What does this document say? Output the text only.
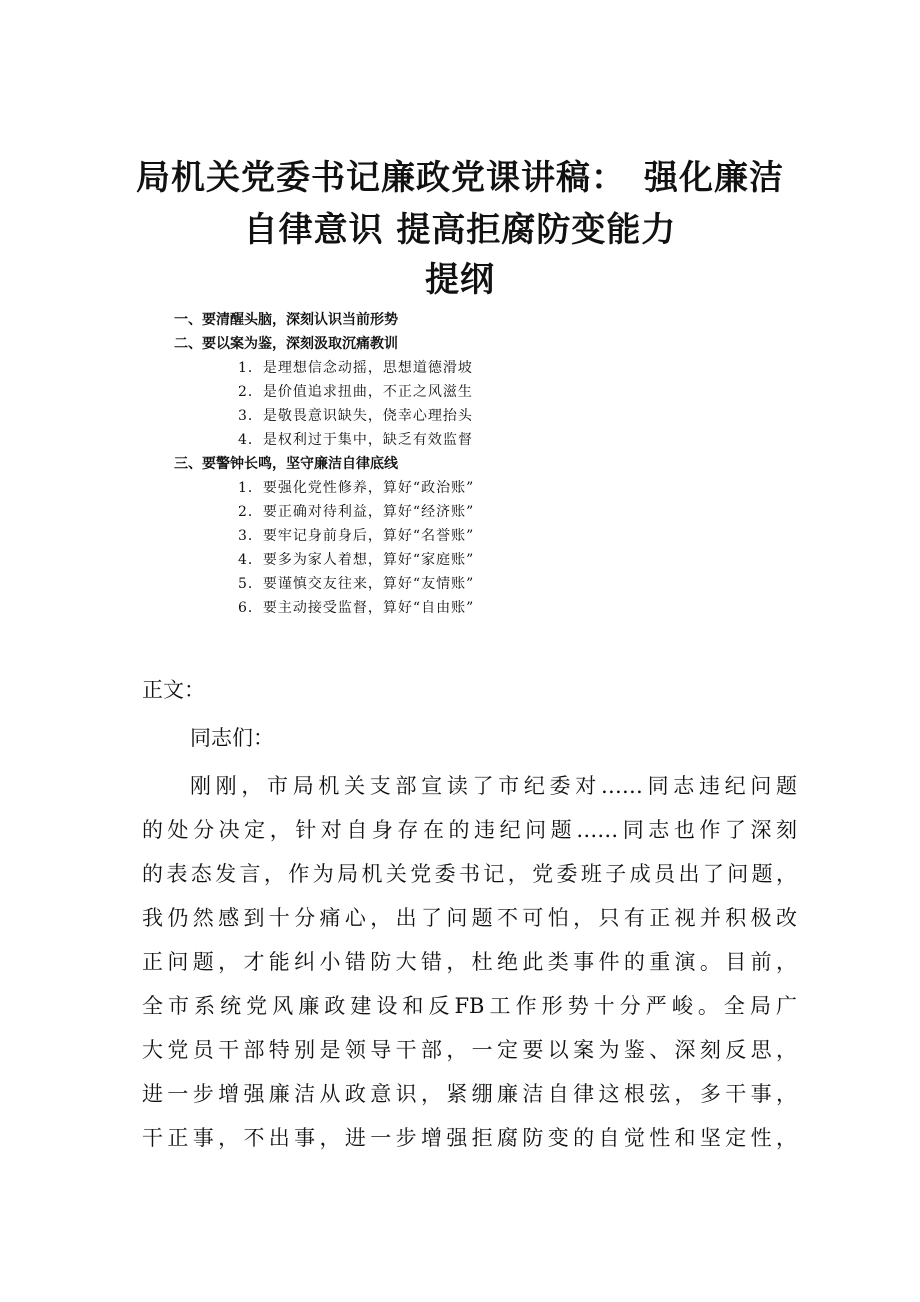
局机关党委书记廉政党课讲稿：　强化廉洁
自律意识 提高拒腐防变能力
提纲
一、要清醒头脑，深刻认识当前形势
二、要以案为鉴，深刻汲取沉痛教训
1．是理想信念动摇，思想道德滑坡
2．是价值追求扭曲，不正之风滋生
3．是敬畏意识缺失，侥幸心理抬头
4．是权利过于集中，缺乏有效监督
三、要警钟长鸣，坚守廉洁自律底线
1．要强化党性修养，算好“政治账”
2．要正确对待利益，算好“经济账”
3．要牢记身前身后，算好“名誉账”
4．要多为家人着想，算好“家庭账”
5．要谨慎交友往来，算好“友情账”
6．要主动接受监督，算好“自由账”
正文：
同志们：
刚刚，市局机关支部宣读了市纪委对……同志违纪问题
的处分决定，针对自身存在的违纪问题……同志也作了深刻
的表态发言，作为局机关党委书记，党委班子成员出了问题，
我仍然感到十分痛心，出了问题不可怕，只有正视并积极改
正问题，才能纠小错防大错，杜绝此类事件的重演。目前，
全市系统党风廉政建设和反FB工作形势十分严峻。全局广
大党员干部特别是领导干部，一定要以案为鉴、深刻反思，
进一步增强廉洁从政意识，紧绷廉洁自律这根弦，多干事，
干正事，不出事，进一步增强拒腐防变的自觉性和坚定性，
